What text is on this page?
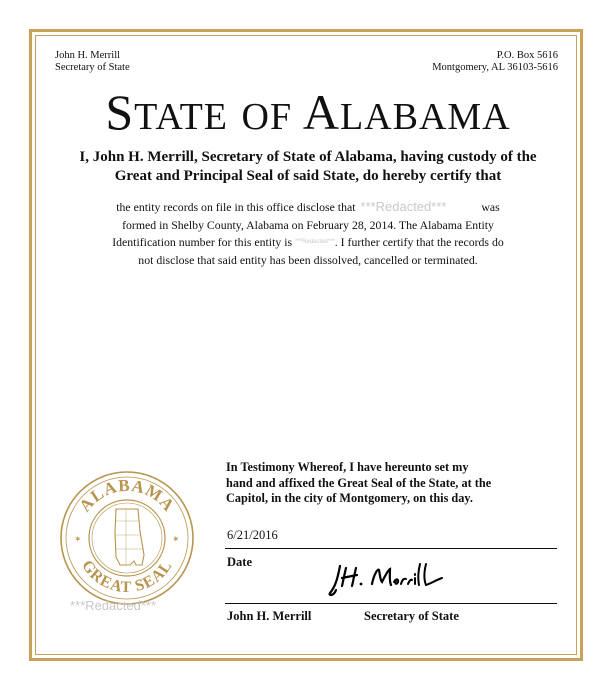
John H. Merrill
Secretary of State
P.O. Box 5616
Montgomery, AL 36103-5616
STATE OF ALABAMA
I, John H. Merrill, Secretary of State of Alabama, having custody of the
Great and Principal Seal of said State, do hereby certify that
the entity records on file in this office disclose that ***Redacted***	was
formed in Shelby County, Alabama on February 28, 2014. The Alabama Entity
Identification number for this entity is $^{***Redacted***}$. I further certify that the records do
not disclose that said entity has been dissolved, cancelled or terminated.
In Testimony Whereof, I have hereunto set my
hand and affixed the Great Seal of the State, at the
Capitol, in the city of Montgomery, on this day.
6/21/2016
Date
John H. Merrill	Secretary of State
ALABAMA
GREAT SEAL
✶	✶
***Redacted***
